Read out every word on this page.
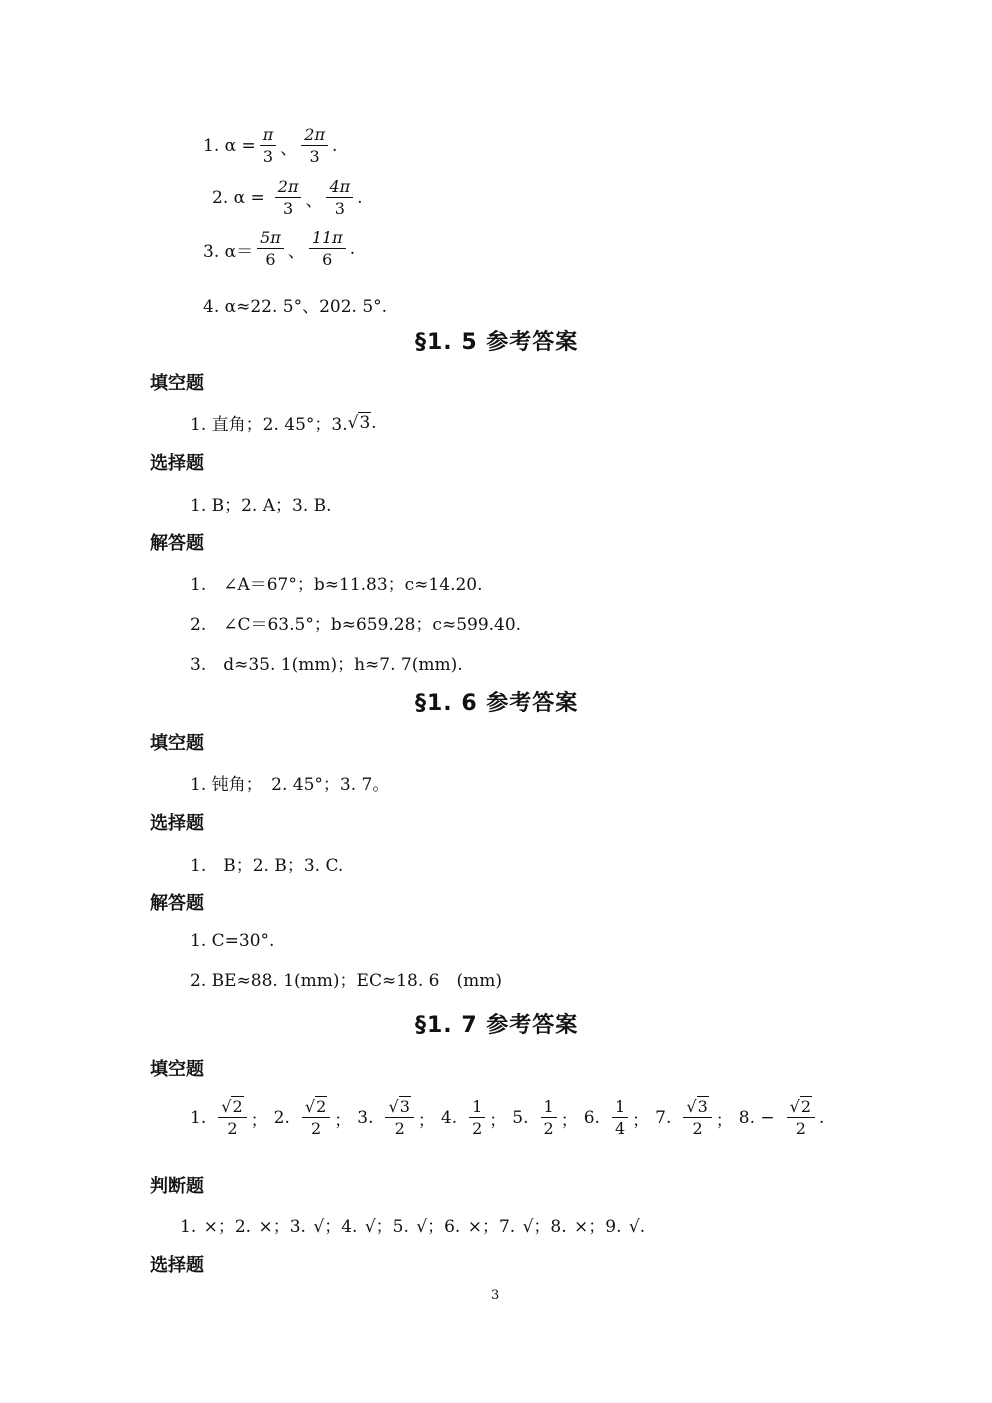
1. $\alpha = \frac{\pi}{3}$ 、 $\frac{2\pi}{3}$ .
2. $\alpha = \frac{2\pi}{3}$ 、 $\frac{4\pi}{3}$ .
3. $\alpha= \frac{5\pi}{6}$ 、 $\frac{11\pi}{6}$ .
4. α≈22. 5°、202. 5°.
§1. 5 参考答案
填空题
1. 直角；2. 45°；3. √ 3 .
选择题
1. B；2. A；3. B.
解答题
1.　∠A＝67°；b≈11.83；c≈14.20.
2.　∠C＝63.5°；b≈659.28；c≈599.40.
3.　d≈35. 1(mm)；h≈7. 7(mm).
§1. 6 参考答案
填空题
1. 钝角；　2. 45°；3. 7。
选择题
1.　B；2. B；3. C.
解答题
1. C=30°.
2. BE≈88. 1(mm)；EC≈18. 6　(mm)
§1. 7 参考答案
填空题
1. $\frac{√2}{2}$ ； 2. $\frac{√2}{2}$ ； 3. $\frac{√3}{2}$ ； 4. $\frac{1}{2}$ ； 5. $\frac{1}{2}$ ； 6. $\frac{1}{4}$ ； 7. $\frac{√3}{2}$ ； 8. − $\frac{√2}{2}$ .
判断题
1. ×；2. ×；3. √；4. √；5. √；6. ×；7. √；8. ×；9. √.
选择题
3
